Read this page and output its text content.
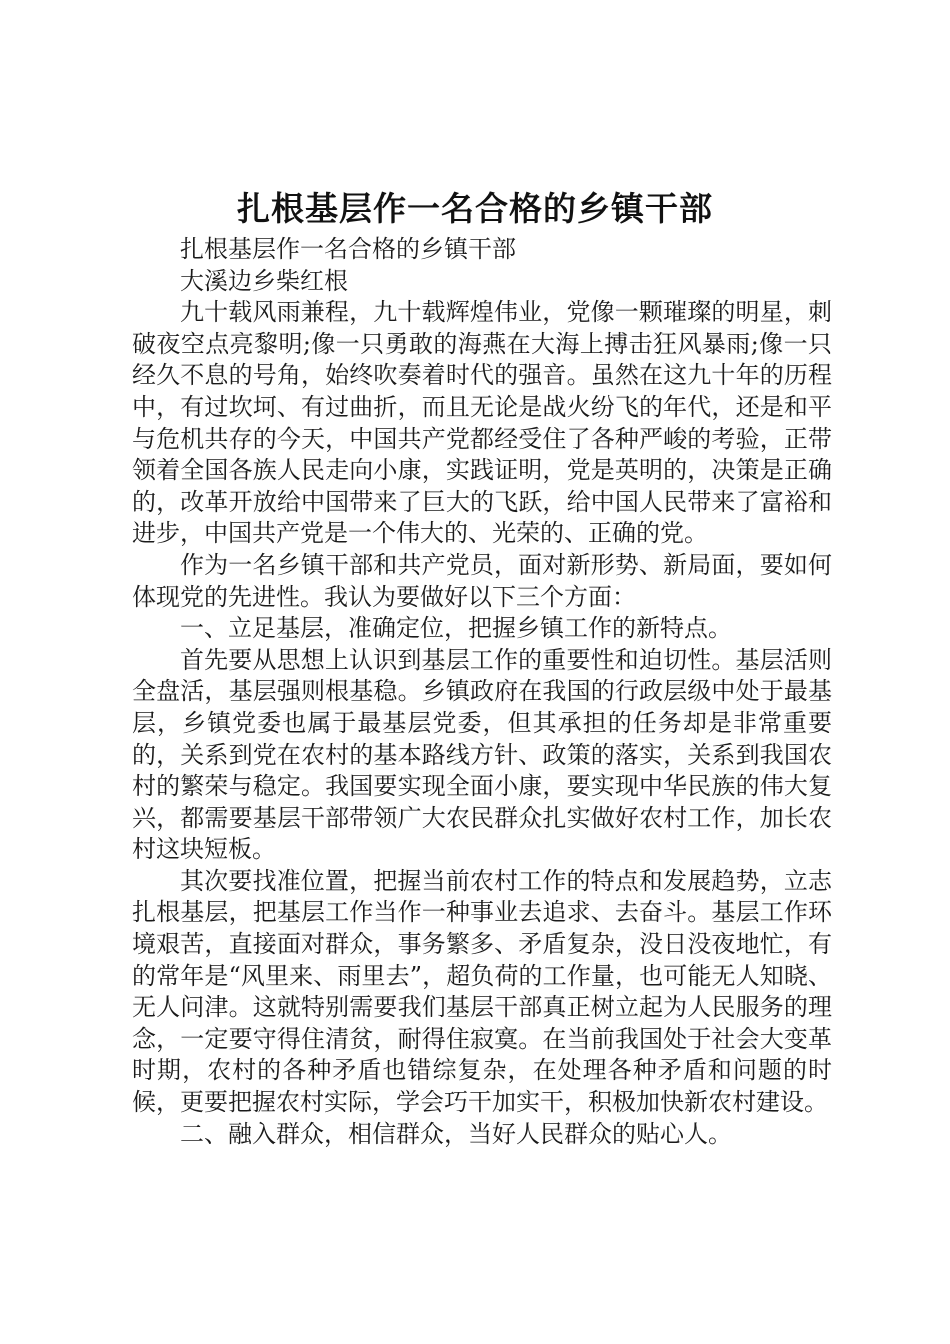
扎根基层作一名合格的乡镇干部

扎根基层作一名合格的乡镇干部

大溪边乡柴红根

九十载风雨兼程，九十载辉煌伟业，党像一颗璀璨的明星，刺破夜空点亮黎明;像一只勇敢的海燕在大海上搏击狂风暴雨;像一只经久不息的号角，始终吹奏着时代的强音。虽然在这九十年的历程中，有过坎坷、有过曲折，而且无论是战火纷飞的年代，还是和平与危机共存的今天，中国共产党都经受住了各种严峻的考验，正带领着全国各族人民走向小康，实践证明，党是英明的，决策是正确的，改革开放给中国带来了巨大的飞跃，给中国人民带来了富裕和进步，中国共产党是一个伟大的、光荣的、正确的党。

作为一名乡镇干部和共产党员，面对新形势、新局面，要如何体现党的先进性。我认为要做好以下三个方面：

一、立足基层，准确定位，把握乡镇工作的新特点。

首先要从思想上认识到基层工作的重要性和迫切性。基层活则全盘活，基层强则根基稳。乡镇政府在我国的行政层级中处于最基层，乡镇党委也属于最基层党委，但其承担的任务却是非常重要的，关系到党在农村的基本路线方针、政策的落实，关系到我国农村的繁荣与稳定。我国要实现全面小康，要实现中华民族的伟大复兴，都需要基层干部带领广大农民群众扎实做好农村工作，加长农村这块短板。

其次要找准位置，把握当前农村工作的特点和发展趋势，立志扎根基层，把基层工作当作一种事业去追求、去奋斗。基层工作环境艰苦，直接面对群众，事务繁多、矛盾复杂，没日没夜地忙，有的常年是“风里来、雨里去”，超负荷的工作量，也可能无人知晓、无人问津。这就特别需要我们基层干部真正树立起为人民服务的理念，一定要守得住清贫，耐得住寂寞。在当前我国处于社会大变革时期，农村的各种矛盾也错综复杂，在处理各种矛盾和问题的时候，更要把握农村实际，学会巧干加实干，积极加快新农村建设。

二、融入群众，相信群众，当好人民群众的贴心人。
